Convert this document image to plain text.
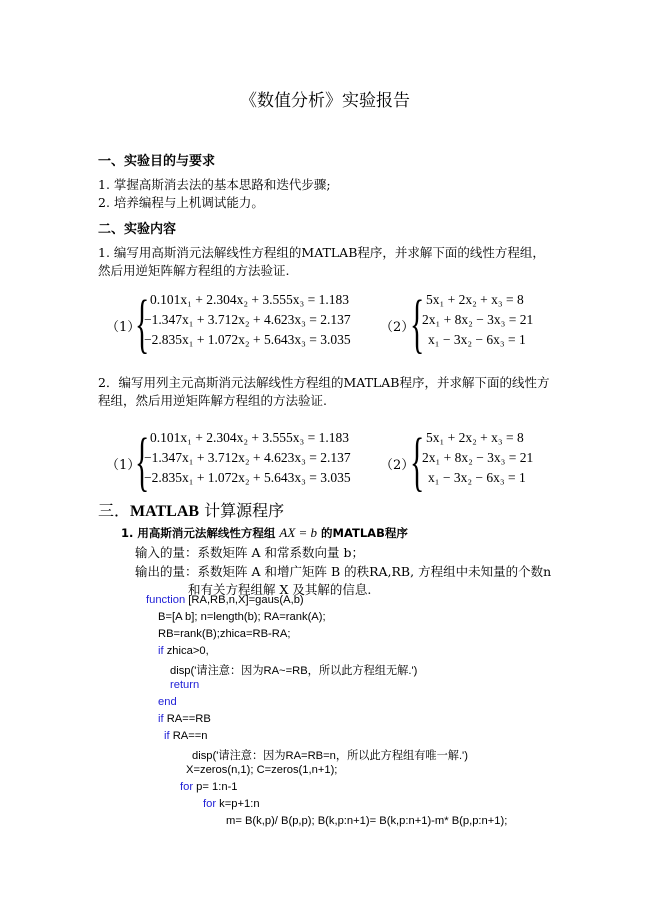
《数值分析》实验报告
一、实验目的与要求
1. 掌握高斯消去法的基本思路和迭代步骤;
2. 培养编程与上机调试能力。
二、实验内容
1. 编写用高斯消元法解线性方程组的MATLAB程序，并求解下面的线性方程组，
然后用逆矩阵解方程组的方法验证.
（1）
{ 0.101x₁ + 2.304x₂ + 3.555x₃ = 1.183
−1.347x₁ + 3.712x₂ + 4.623x₃ = 2.137
−2.835x₁ + 1.072x₂ + 5.643x₃ = 3.035
（2）
{ 5x₁ + 2x₂ + x₃ = 8
2x₁ + 8x₂ − 3x₃ = 21
x₁ − 3x₂ − 6x₃ = 1
2．编写用列主元高斯消元法解线性方程组的MATLAB程序，并求解下面的线性方
程组，然后用逆矩阵解方程组的方法验证.
（1）
{ 0.101x₁ + 2.304x₂ + 3.555x₃ = 1.183
−1.347x₁ + 3.712x₂ + 4.623x₃ = 2.137
−2.835x₁ + 1.072x₂ + 5.643x₃ = 3.035
（2）
{ 5x₁ + 2x₂ + x₃ = 8
2x₁ + 8x₂ − 3x₃ = 21
x₁ − 3x₂ − 6x₃ = 1
三．MATLAB 计算源程序
1. 用高斯消元法解线性方程组 AX = b 的MATLAB程序
输入的量：系数矩阵 A 和常系数向量 b；
输出的量：系数矩阵 A 和增广矩阵 B 的秩RA,RB, 方程组中未知量的个数n
和有关方程组解 X 及其解的信息.
function [RA,RB,n,X]=gaus(A,b)
B=[A b]; n=length(b); RA=rank(A);
RB=rank(B);zhica=RB-RA;
if zhica>0,
disp('请注意：因为RA~=RB，所以此方程组无解.')
return
end
if RA==RB
if RA==n
disp('请注意：因为RA=RB=n，所以此方程组有唯一解.')
X=zeros(n,1); C=zeros(1,n+1);
for p= 1:n-1
for k=p+1:n
m= B(k,p)/ B(p,p); B(k,p:n+1)= B(k,p:n+1)-m* B(p,p:n+1);
